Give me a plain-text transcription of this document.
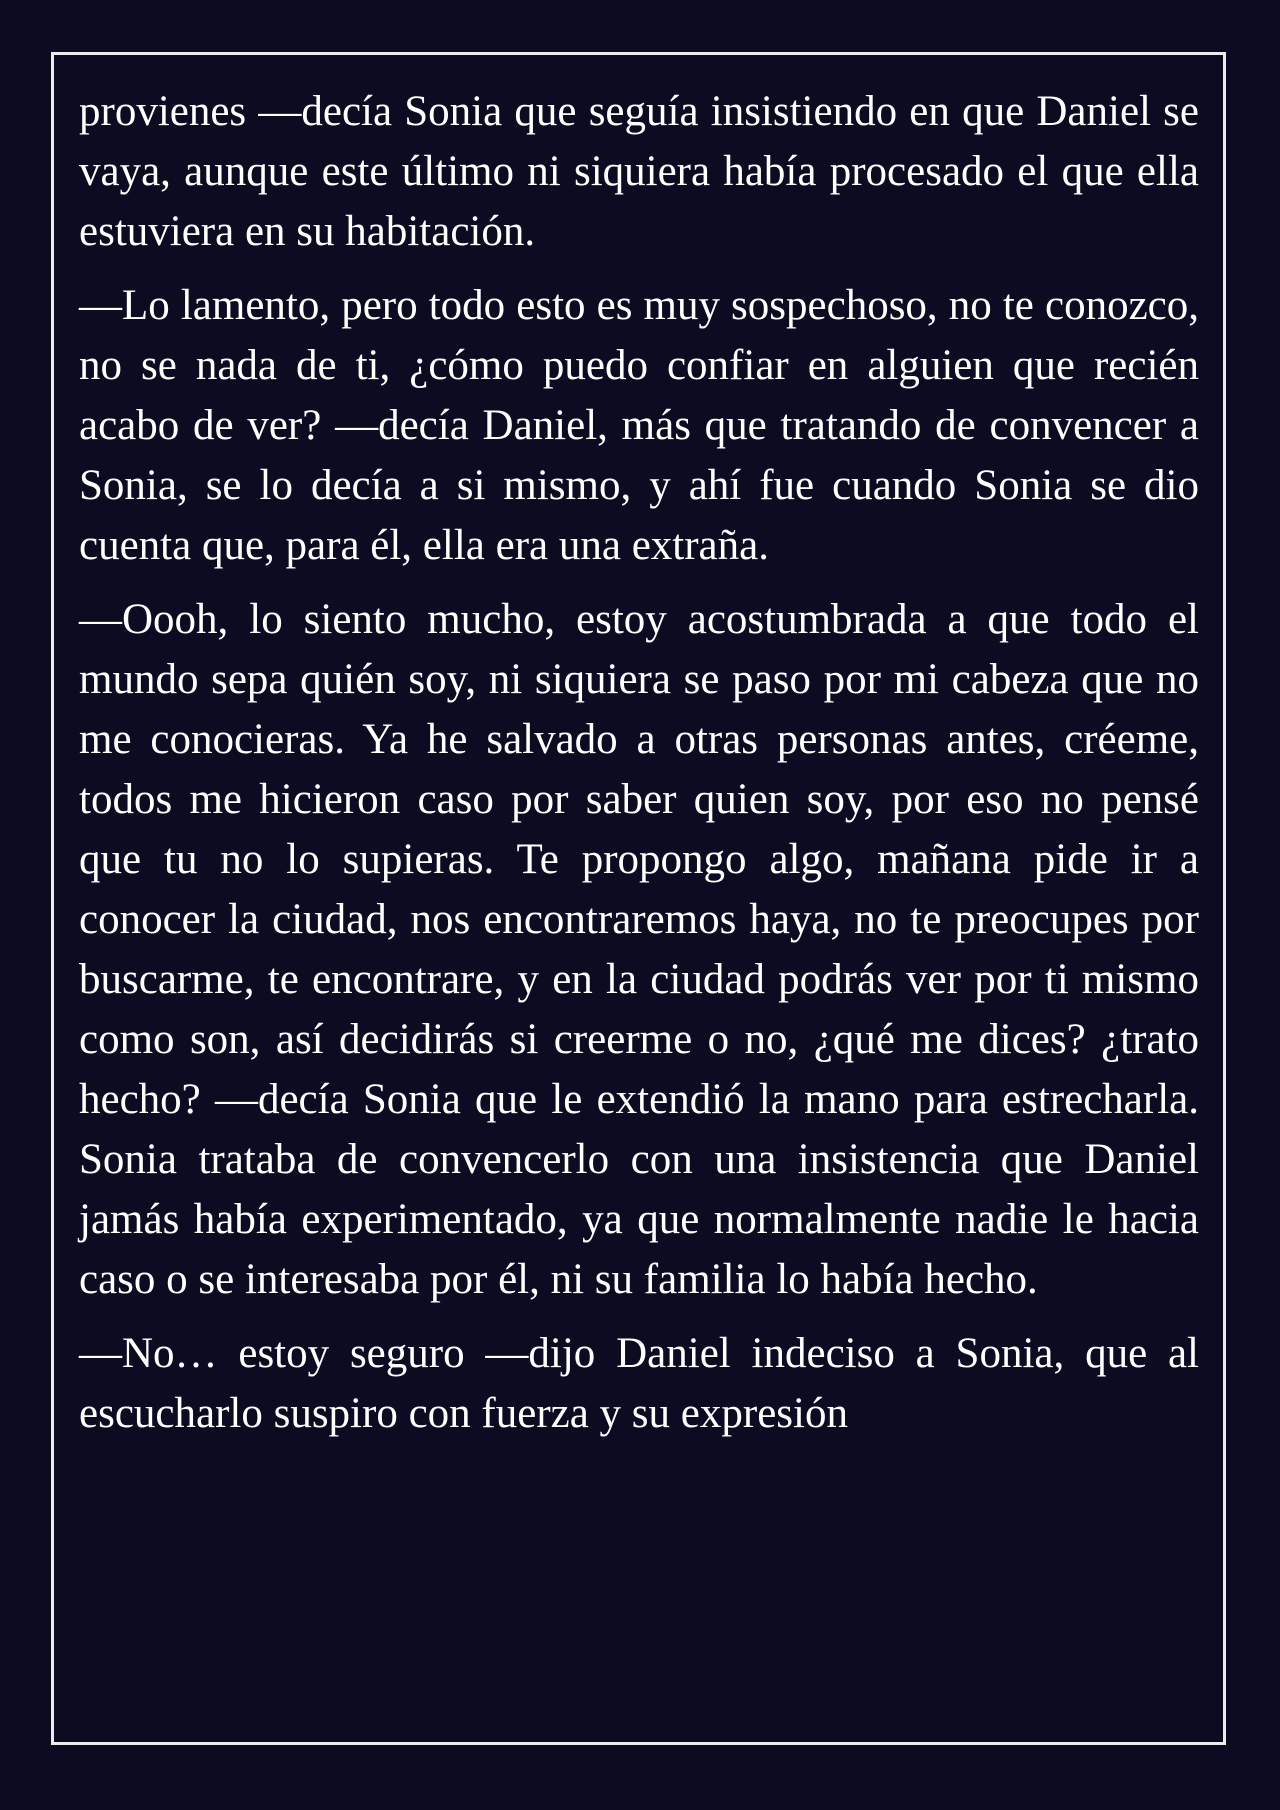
provienes —decía Sonia que seguía insistiendo en que Daniel se vaya, aunque este último ni siquiera había procesado el que ella estuviera en su habitación.

—Lo lamento, pero todo esto es muy sospechoso, no te conozco, no se nada de ti, ¿cómo puedo confiar en alguien que recién acabo de ver? —decía Daniel, más que tratando de convencer a Sonia, se lo decía a si mismo, y ahí fue cuando Sonia se dio cuenta que, para él, ella era una extraña.

—Oooh, lo siento mucho, estoy acostumbrada a que todo el mundo sepa quién soy, ni siquiera se paso por mi cabeza que no me conocieras. Ya he salvado a otras personas antes, créeme, todos me hicieron caso por saber quien soy, por eso no pensé que tu no lo supieras. Te propongo algo, mañana pide ir a conocer la ciudad, nos encontraremos haya, no te preocupes por buscarme, te encontrare, y en la ciudad podrás ver por ti mismo como son, así decidirás si creerme o no, ¿qué me dices? ¿trato hecho? —decía Sonia que le extendió la mano para estrecharla. Sonia trataba de convencerlo con una insistencia que Daniel jamás había experimentado, ya que normalmente nadie le hacia caso o se interesaba por él, ni su familia lo había hecho.

—No… estoy seguro —dijo Daniel indeciso a Sonia, que al escucharlo suspiro con fuerza y su expresión
